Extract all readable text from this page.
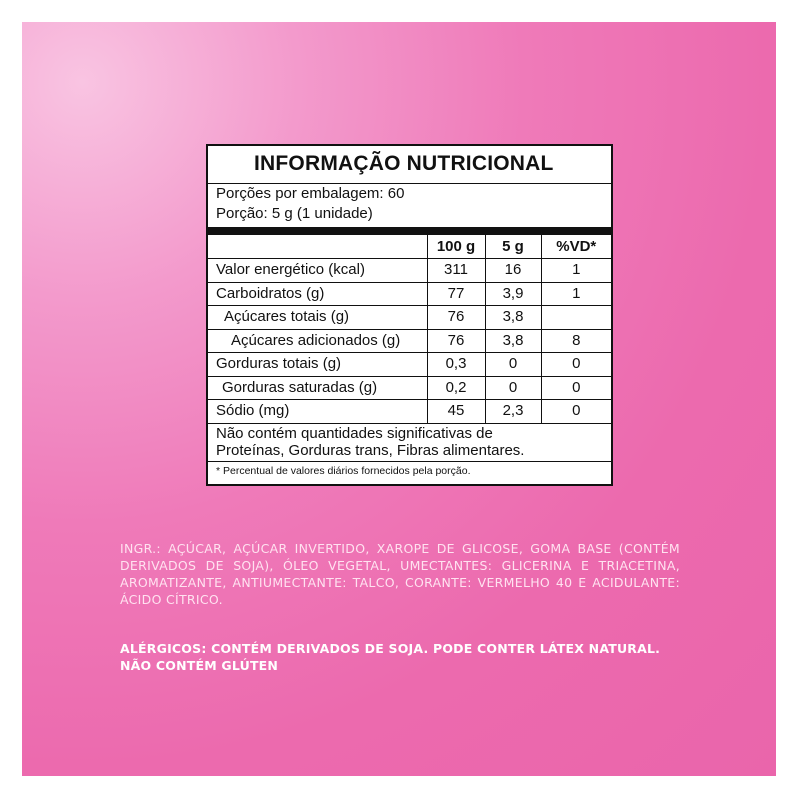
INFORMAÇÃO NUTRICIONAL
Porções por embalagem: 60
Porção: 5 g (1 unidade)
	100 g	5 g	%VD*
Valor energético (kcal)	311	16	1
Carboidratos (g)	77	3,9	1
Açúcares totais (g)	76	3,8	
Açúcares adicionados (g)	76	3,8	8
Gorduras totais (g)	0,3	0	0
Gorduras saturadas (g)	0,2	0	0
Sódio (mg)	45	2,3	0
Não contém quantidades significativas de
Proteínas, Gorduras trans, Fibras alimentares.
* Percentual de valores diários fornecidos pela porção.
INGR.: AÇÚCAR, AÇÚCAR INVERTIDO, XAROPE DE GLICOSE, GOMA BASE (CONTÉM DERIVADOS DE SOJA), ÓLEO VEGETAL, UMECTANTES: GLICERINA E TRIACETINA, AROMATIZANTE, ANTIUMECTANTE: TALCO, CORANTE: VERMELHO 40 E ACIDULANTE: ÁCIDO CÍTRICO.
ALÉRGICOS: CONTÉM DERIVADOS DE SOJA. PODE CONTER LÁTEX NATURAL.
NÃO CONTÉM GLÚTEN
